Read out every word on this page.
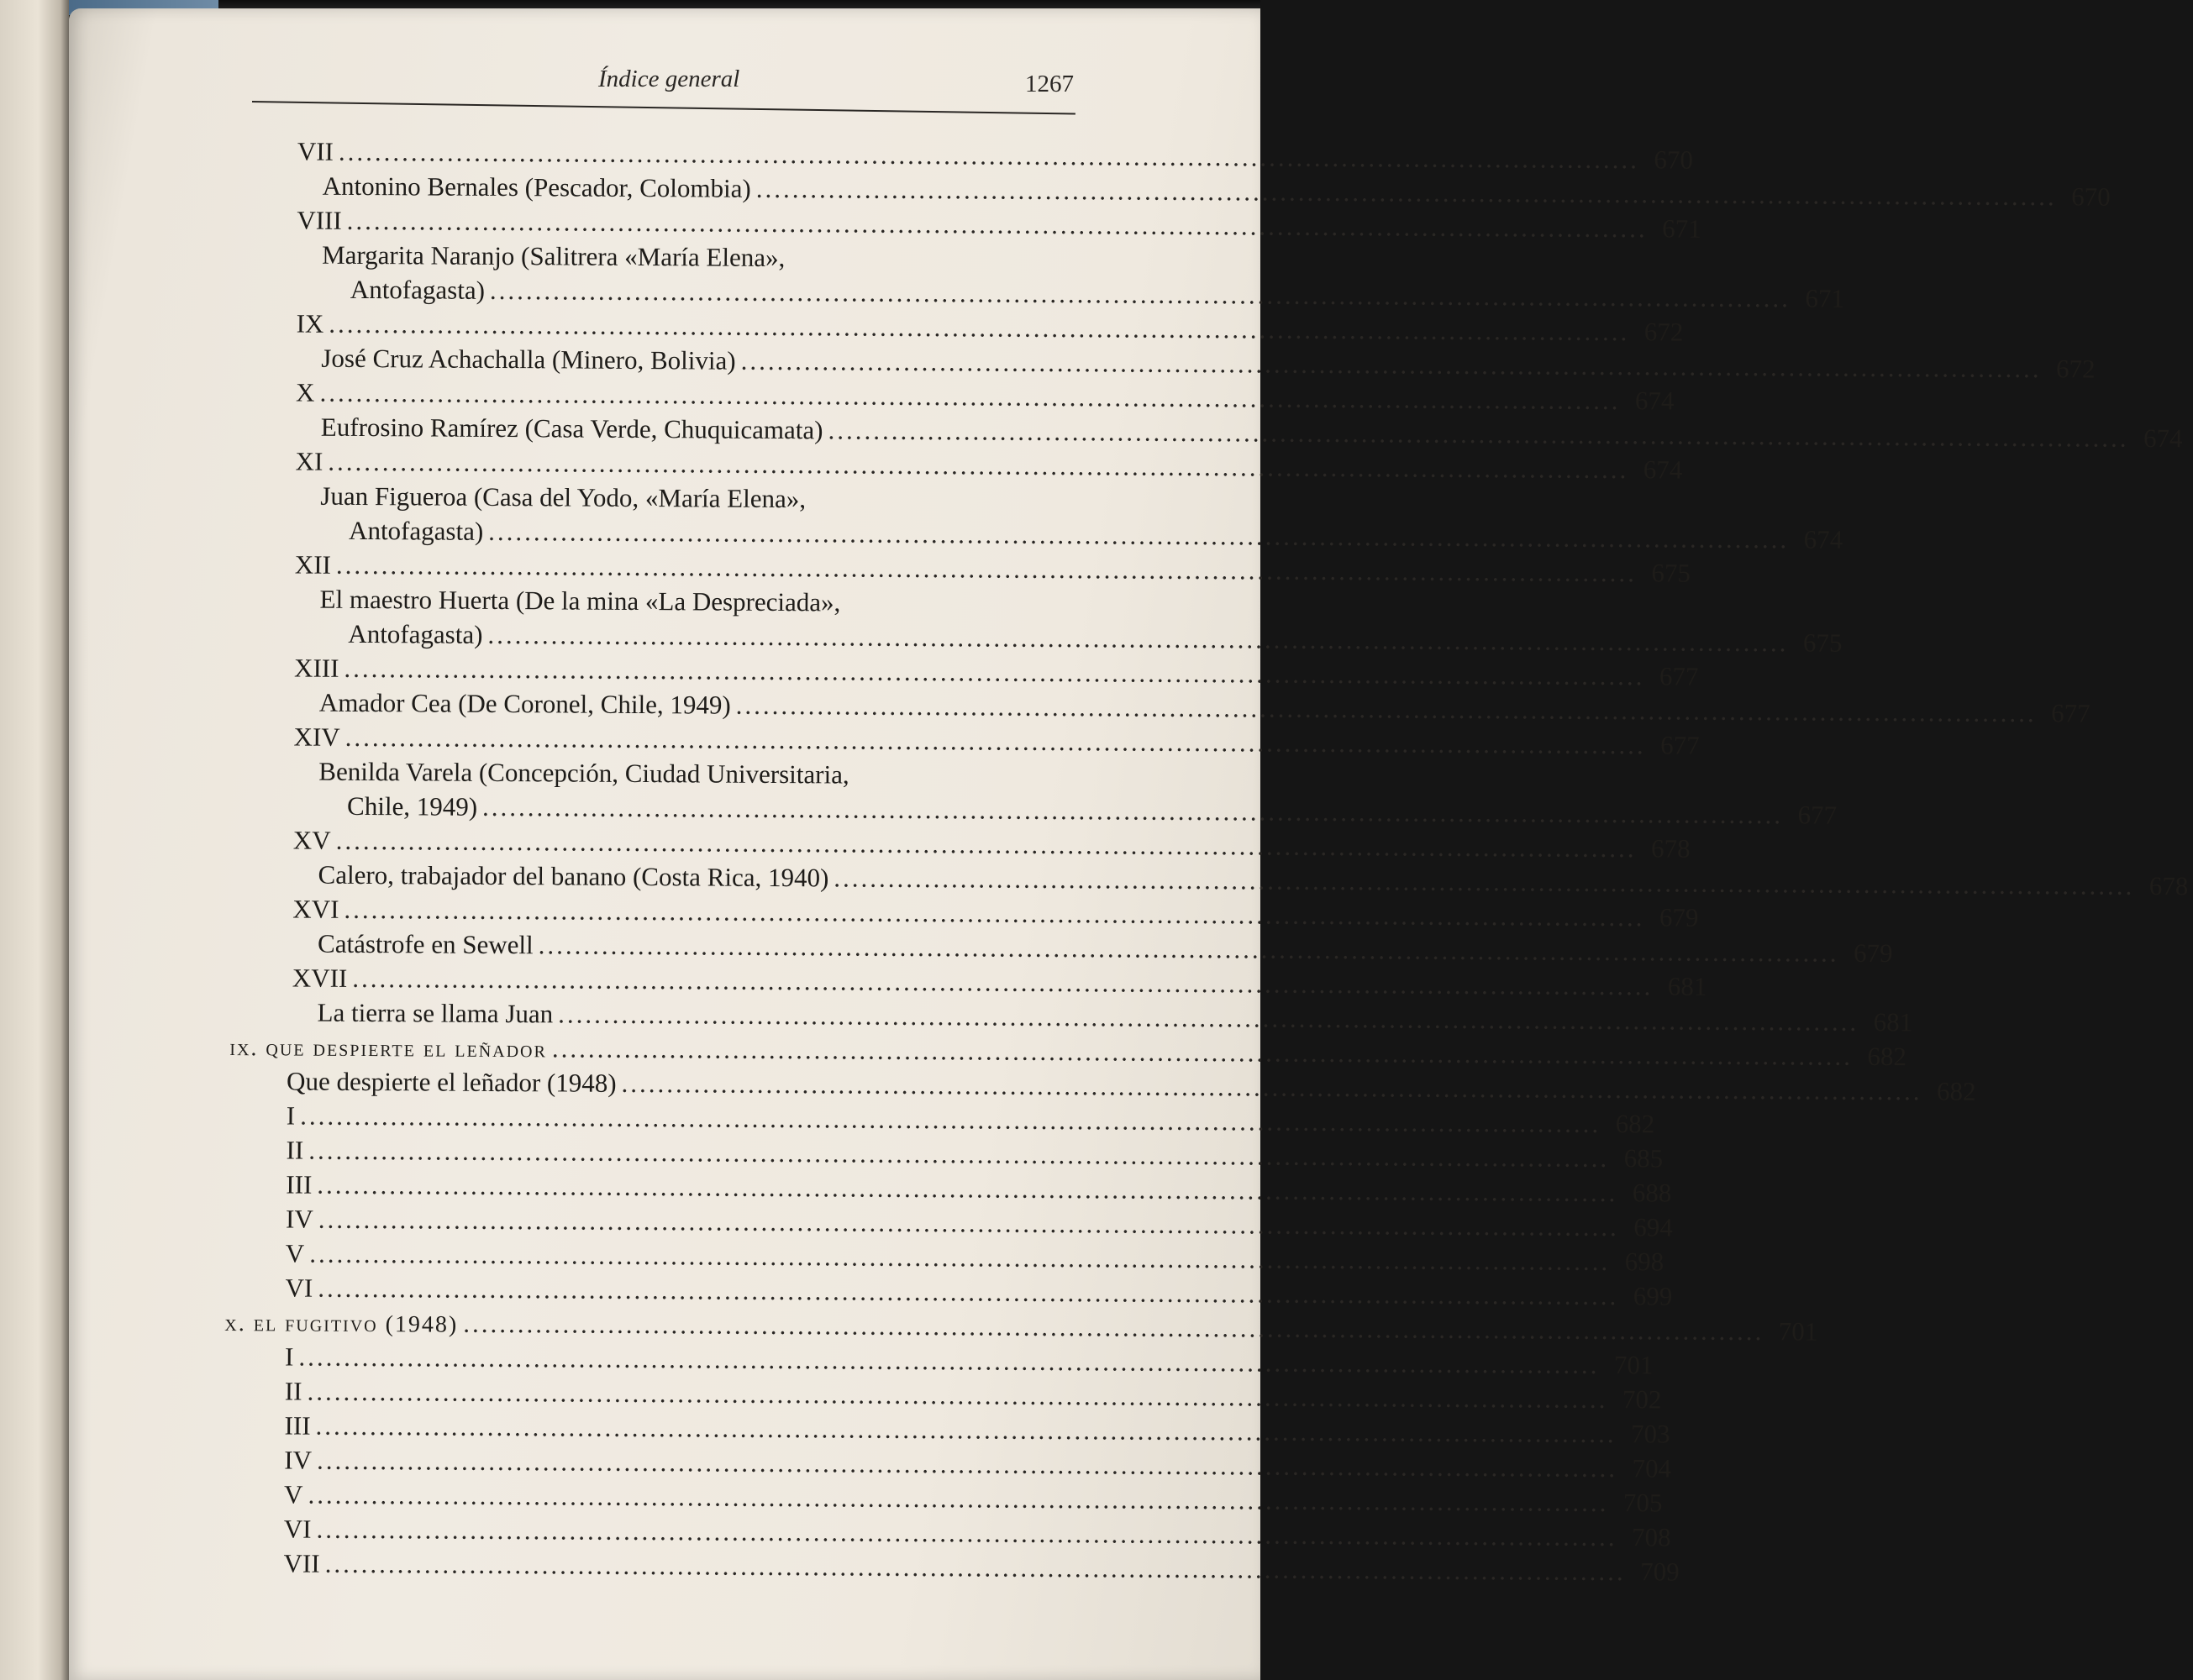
Índice general	1267
VII ................................................................................................................................................ 670
Antonino Bernales (Pescador, Colombia) ................................................................................................................................................ 670
VIII ................................................................................................................................................ 671
Margarita Naranjo (Salitrera «María Elena»,
Antofagasta) ................................................................................................................................................ 671
IX ................................................................................................................................................ 672
José Cruz Achachalla (Minero, Bolivia) ................................................................................................................................................ 672
X ................................................................................................................................................ 674
Eufrosino Ramírez (Casa Verde, Chuquicamata) ................................................................................................................................................ 674
XI ................................................................................................................................................ 674
Juan Figueroa (Casa del Yodo, «María Elena»,
Antofagasta) ................................................................................................................................................ 674
XII ................................................................................................................................................ 675
El maestro Huerta (De la mina «La Despreciada»,
Antofagasta) ................................................................................................................................................ 675
XIII ................................................................................................................................................ 677
Amador Cea (De Coronel, Chile, 1949) ................................................................................................................................................ 677
XIV ................................................................................................................................................ 677
Benilda Varela (Concepción, Ciudad Universitaria,
Chile, 1949) ................................................................................................................................................ 677
XV ................................................................................................................................................ 678
Calero, trabajador del banano (Costa Rica, 1940) ................................................................................................................................................ 678
XVI ................................................................................................................................................ 679
Catástrofe en Sewell ................................................................................................................................................ 679
XVII ................................................................................................................................................ 681
La tierra se llama Juan ................................................................................................................................................ 681
ix. que despierte el leñador ................................................................................................................................................ 682
Que despierte el leñador (1948) ................................................................................................................................................ 682
I ................................................................................................................................................ 682
II ................................................................................................................................................ 685
III ................................................................................................................................................ 688
IV ................................................................................................................................................ 694
V ................................................................................................................................................ 698
VI ................................................................................................................................................ 699
x. el fugitivo (1948) ................................................................................................................................................ 701
I ................................................................................................................................................ 701
II ................................................................................................................................................ 702
III ................................................................................................................................................ 703
IV ................................................................................................................................................ 704
V ................................................................................................................................................ 705
VI ................................................................................................................................................ 708
VII ................................................................................................................................................ 709
